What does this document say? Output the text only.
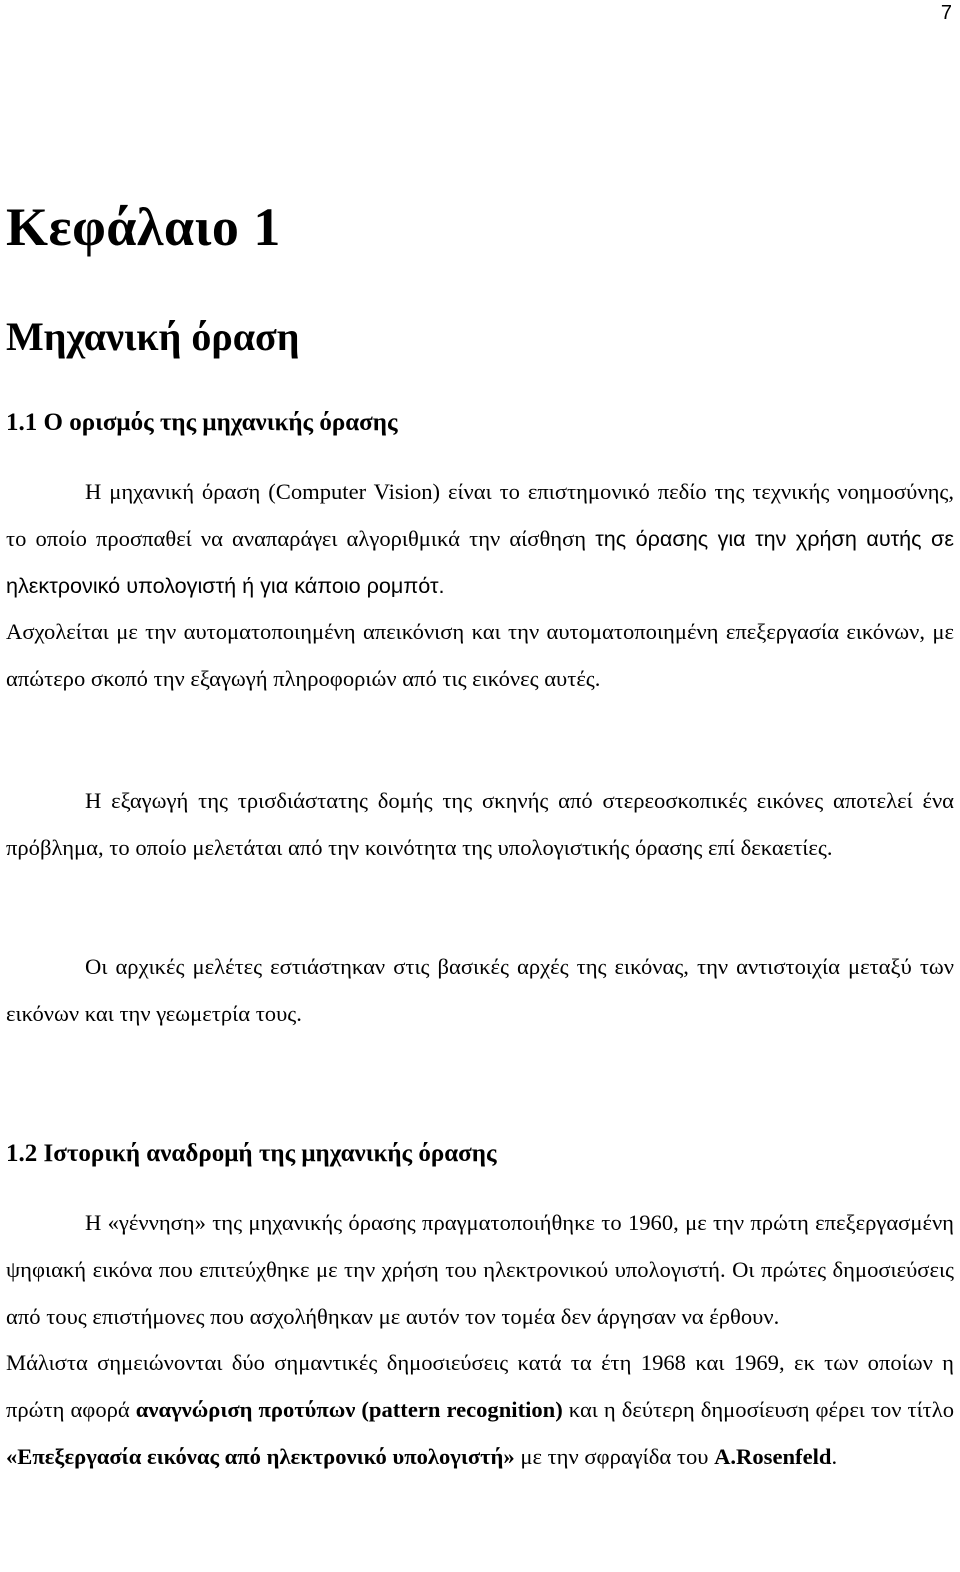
7
Κεφάλαιο 1
Μηχανική όραση
1.1 Ο ορισμός της μηχανικής όρασης

Η μηχανική όραση (Computer Vision) είναι το επιστημονικό πεδίο της τεχνικής νοημοσύνης, το οποίο προσπαθεί να αναπαράγει αλγοριθμικά την αίσθηση της όρασης για την χρήση αυτής σε ηλεκτρονικό υπολογιστή ή για κάποιο ρομπότ.

Ασχολείται με την αυτοματοποιημένη απεικόνιση και την αυτοματοποιημένη επεξεργασία εικόνων, με απώτερο σκοπό την εξαγωγή πληροφοριών από τις εικόνες αυτές.

Η εξαγωγή της τρισδιάστατης δομής της σκηνής από στερεοσκοπικές εικόνες αποτελεί ένα πρόβλημα, το οποίο μελετάται από την κοινότητα της υπολογιστικής όρασης επί δεκαετίες.

Οι αρχικές μελέτες εστιάστηκαν στις βασικές αρχές της εικόνας, την αντιστοιχία μεταξύ των εικόνων και την γεωμετρία τους.

1.2 Ιστορική αναδρομή της μηχανικής όρασης

Η «γέννηση» της μηχανικής όρασης πραγματοποιήθηκε το 1960, με την πρώτη επεξεργασμένη ψηφιακή εικόνα που επιτεύχθηκε με την χρήση του ηλεκτρονικού υπολογιστή. Οι πρώτες δημοσιεύσεις από τους επιστήμονες που ασχολήθηκαν με αυτόν τον τομέα δεν άργησαν να έρθουν.

Μάλιστα σημειώνονται δύο σημαντικές δημοσιεύσεις κατά τα έτη 1968 και 1969, εκ των οποίων η πρώτη αφορά αναγνώριση προτύπων (pattern recognition) και η δεύτερη δημοσίευση φέρει τον τίτλο «Επεξεργασία εικόνας από ηλεκτρονικό υπολογιστή» με την σφραγίδα του A.Rosenfeld.
